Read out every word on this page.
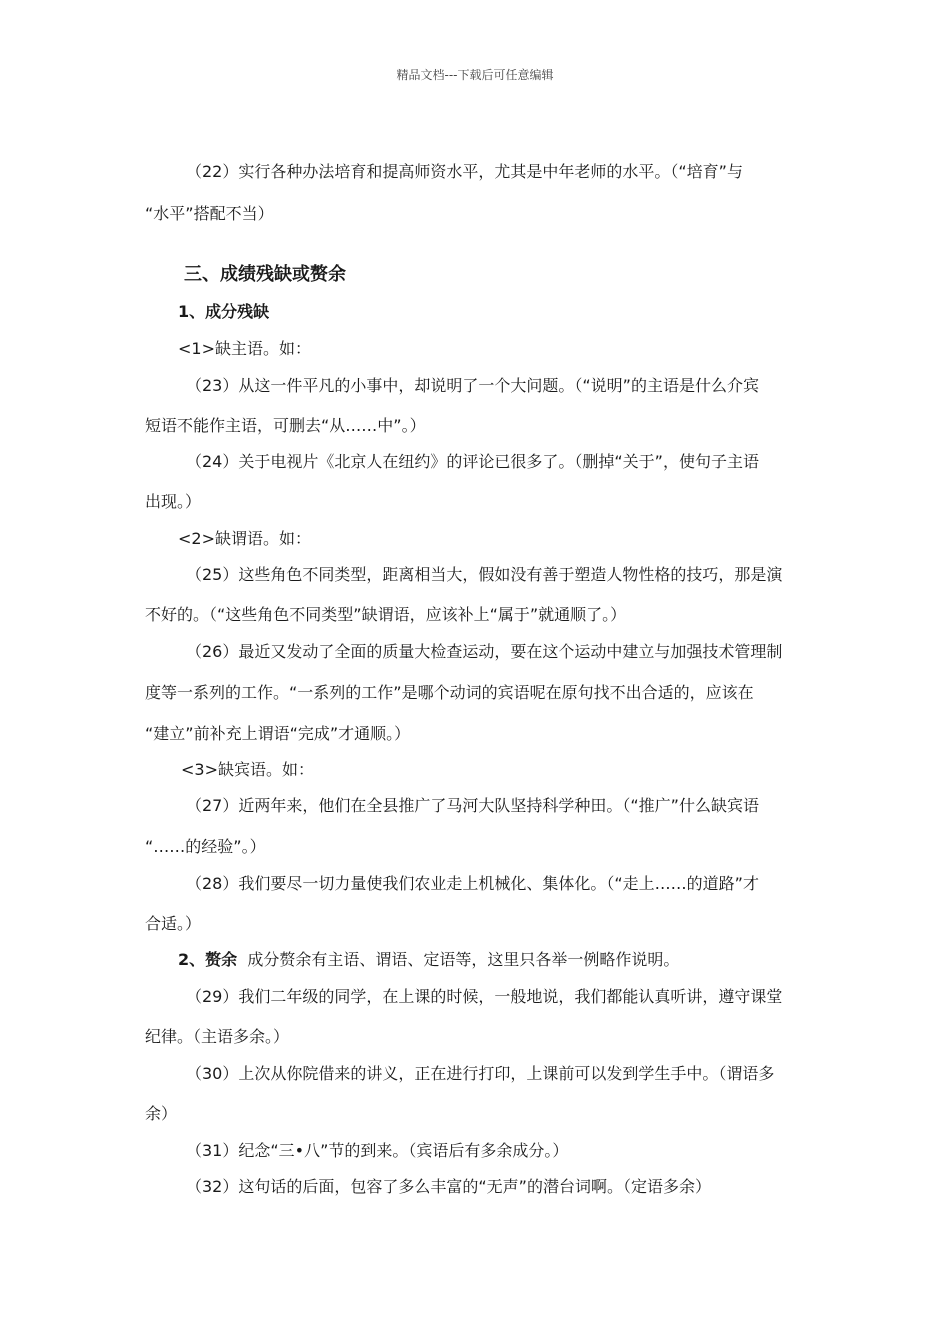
精品文档---下载后可任意编辑
（22）实行各种办法培育和提高师资水平，尤其是中年老师的水平。（“培育”与
“水平”搭配不当）
三、成绩残缺或赘余
1、成分残缺
<1>缺主语。如：
（23）从这一件平凡的小事中，却说明了一个大问题。（“说明”的主语是什么介宾
短语不能作主语，可删去“从……中”。）
（24）关于电视片《北京人在纽约》的评论已很多了。（删掉“关于”，使句子主语
出现。）
<2>缺谓语。如：
（25）这些角色不同类型，距离相当大，假如没有善于塑造人物性格的技巧，那是演
不好的。（“这些角色不同类型”缺谓语，应该补上“属于”就通顺了。）
（26）最近又发动了全面的质量大检查运动，要在这个运动中建立与加强技术管理制
度等一系列的工作。“一系列的工作”是哪个动词的宾语呢在原句找不出合适的，应该在
“建立”前补充上谓语“完成”才通顺。）
<3>缺宾语。如：
（27）近两年来，他们在全县推广了马河大队坚持科学种田。（“推广”什么缺宾语
“……的经验”。）
（28）我们要尽一切力量使我们农业走上机械化、集体化。（“走上……的道路”才
合适。）
2、赘余 成分赘余有主语、谓语、定语等，这里只各举一例略作说明。
（29）我们二年级的同学，在上课的时候，一般地说，我们都能认真听讲，遵守课堂
纪律。（主语多余。）
（30）上次从你院借来的讲义，正在进行打印，上课前可以发到学生手中。（谓语多
余）
（31）纪念“三•八”节的到来。（宾语后有多余成分。）
（32）这句话的后面，包容了多么丰富的“无声”的潜台词啊。（定语多余）
